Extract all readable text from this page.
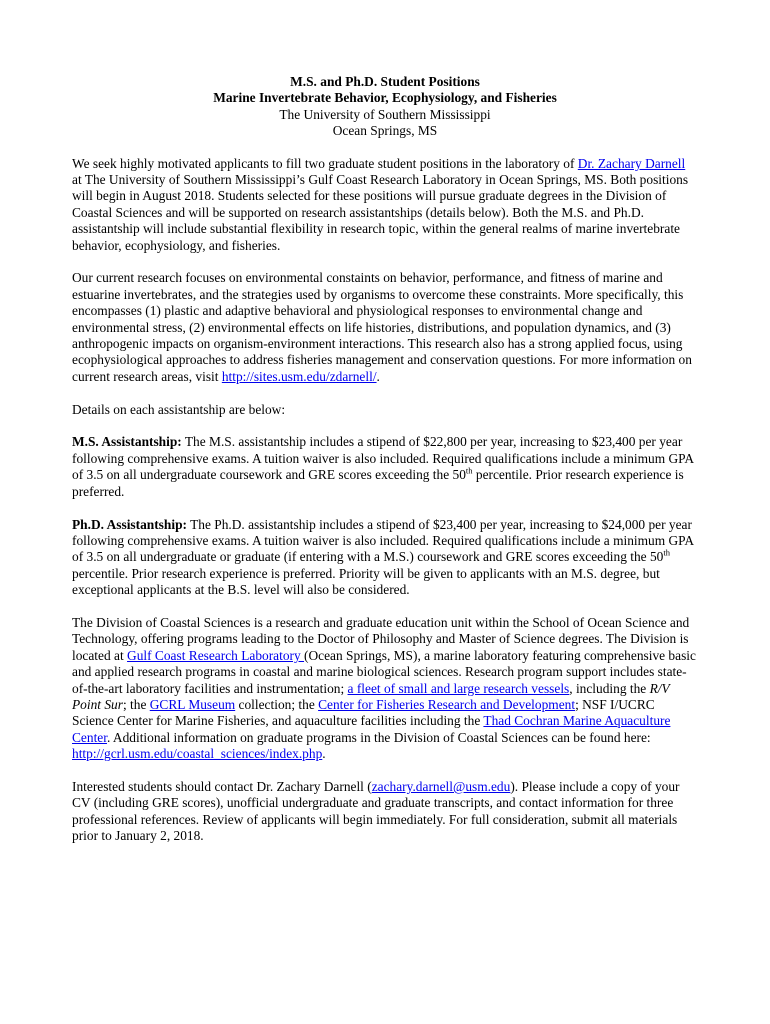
M.S. and Ph.D. Student Positions
Marine Invertebrate Behavior, Ecophysiology, and Fisheries
The University of Southern Mississippi
Ocean Springs, MS

We seek highly motivated applicants to fill two graduate student positions in the laboratory of Dr. Zachary Darnell at The University of Southern Mississippi’s Gulf Coast Research Laboratory in Ocean Springs, MS. Both positions will begin in August 2018. Students selected for these positions will pursue graduate degrees in the Division of Coastal Sciences and will be supported on research assistantships (details below). Both the M.S. and Ph.D. assistantship will include substantial flexibility in research topic, within the general realms of marine invertebrate behavior, ecophysiology, and fisheries.

Our current research focuses on environmental constaints on behavior, performance, and fitness of marine and estuarine invertebrates, and the strategies used by organisms to overcome these constraints. More specifically, this encompasses (1) plastic and adaptive behavioral and physiological responses to environmental change and environmental stress, (2) environmental effects on life histories, distributions, and population dynamics, and (3) anthropogenic impacts on organism-environment interactions. This research also has a strong applied focus, using ecophysiological approaches to address fisheries management and conservation questions. For more information on current research areas, visit http://sites.usm.edu/zdarnell/.

Details on each assistantship are below:

M.S. Assistantship: The M.S. assistantship includes a stipend of $22,800 per year, increasing to $23,400 per year following comprehensive exams. A tuition waiver is also included. Required qualifications include a minimum GPA of 3.5 on all undergraduate coursework and GRE scores exceeding the 50th percentile. Prior research experience is preferred.

Ph.D. Assistantship: The Ph.D. assistantship includes a stipend of $23,400 per year, increasing to $24,000 per year following comprehensive exams. A tuition waiver is also included. Required qualifications include a minimum GPA of 3.5 on all undergraduate or graduate (if entering with a M.S.) coursework and GRE scores exceeding the 50th percentile. Prior research experience is preferred. Priority will be given to applicants with an M.S. degree, but exceptional applicants at the B.S. level will also be considered.

The Division of Coastal Sciences is a research and graduate education unit within the School of Ocean Science and Technology, offering programs leading to the Doctor of Philosophy and Master of Science degrees. The Division is located at Gulf Coast Research Laboratory (Ocean Springs, MS), a marine laboratory featuring comprehensive basic and applied research programs in coastal and marine biological sciences. Research program support includes state-of-the-art laboratory facilities and instrumentation; a fleet of small and large research vessels, including the R/V Point Sur; the GCRL Museum collection; the Center for Fisheries Research and Development; NSF I/UCRC Science Center for Marine Fisheries, and aquaculture facilities including the Thad Cochran Marine Aquaculture Center. Additional information on graduate programs in the Division of Coastal Sciences can be found here: http://gcrl.usm.edu/coastal_sciences/index.php.

Interested students should contact Dr. Zachary Darnell (zachary.darnell@usm.edu). Please include a copy of your CV (including GRE scores), unofficial undergraduate and graduate transcripts, and contact information for three professional references. Review of applicants will begin immediately. For full consideration, submit all materials prior to January 2, 2018.
